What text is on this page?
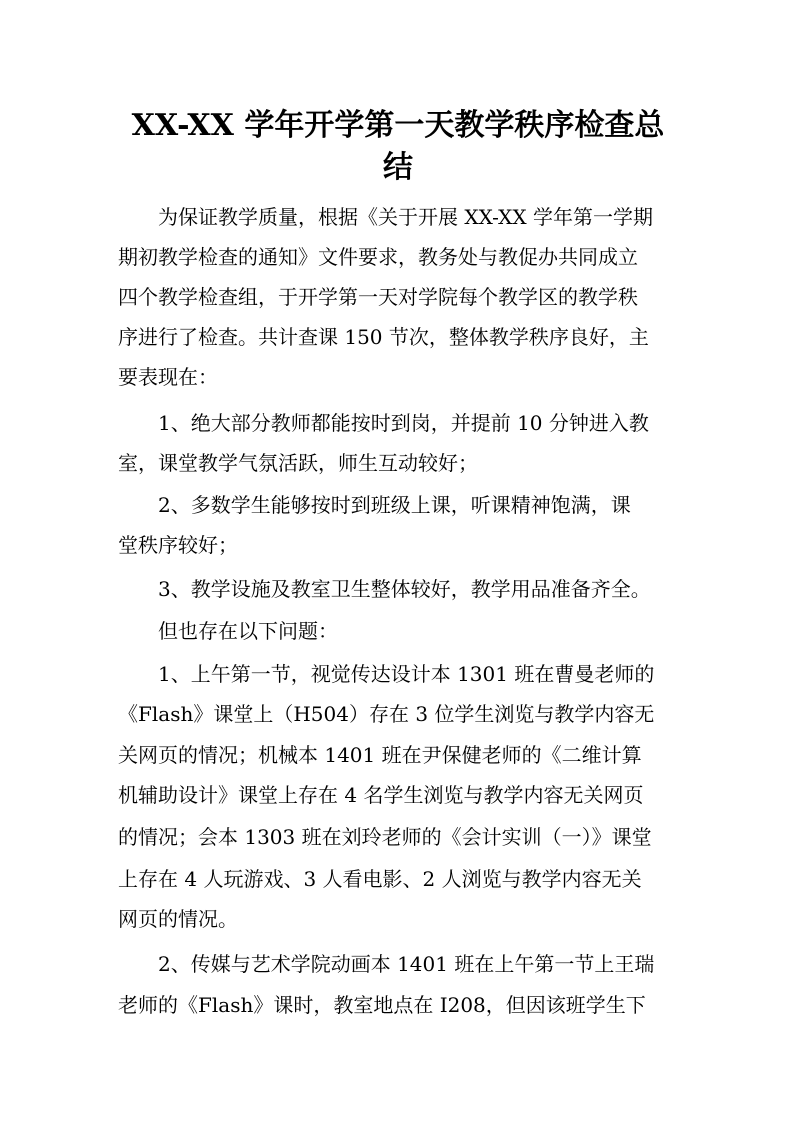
XX-XX 学年开学第一天教学秩序检查总
结

　　为保证教学质量，根据《关于开展 XX-XX 学年第一学期

期初教学检查的通知》文件要求，教务处与教促办共同成立

四个教学检查组，于开学第一天对学院每个教学区的教学秩

序进行了检查。共计查课 150 节次，整体教学秩序良好，主

要表现在：

　　1、绝大部分教师都能按时到岗，并提前 10 分钟进入教

室，课堂教学气氛活跃，师生互动较好；

　　2、多数学生能够按时到班级上课，听课精神饱满，课

堂秩序较好；

　　3、教学设施及教室卫生整体较好，教学用品准备齐全。

　　但也存在以下问题：

　　1、上午第一节，视觉传达设计本 1301 班在曹曼老师的

《Flash》课堂上（H504）存在 3 位学生浏览与教学内容无

关网页的情况；机械本 1401 班在尹保健老师的《二维计算

机辅助设计》课堂上存在 4 名学生浏览与教学内容无关网页

的情况；会本 1303 班在刘玲老师的《会计实训（一）》课堂

上存在 4 人玩游戏、3 人看电影、2 人浏览与教学内容无关

网页的情况。

　　2、传媒与艺术学院动画本 1401 班在上午第一节上王瑞

老师的《Flash》课时，教室地点在 I208，但因该班学生下
